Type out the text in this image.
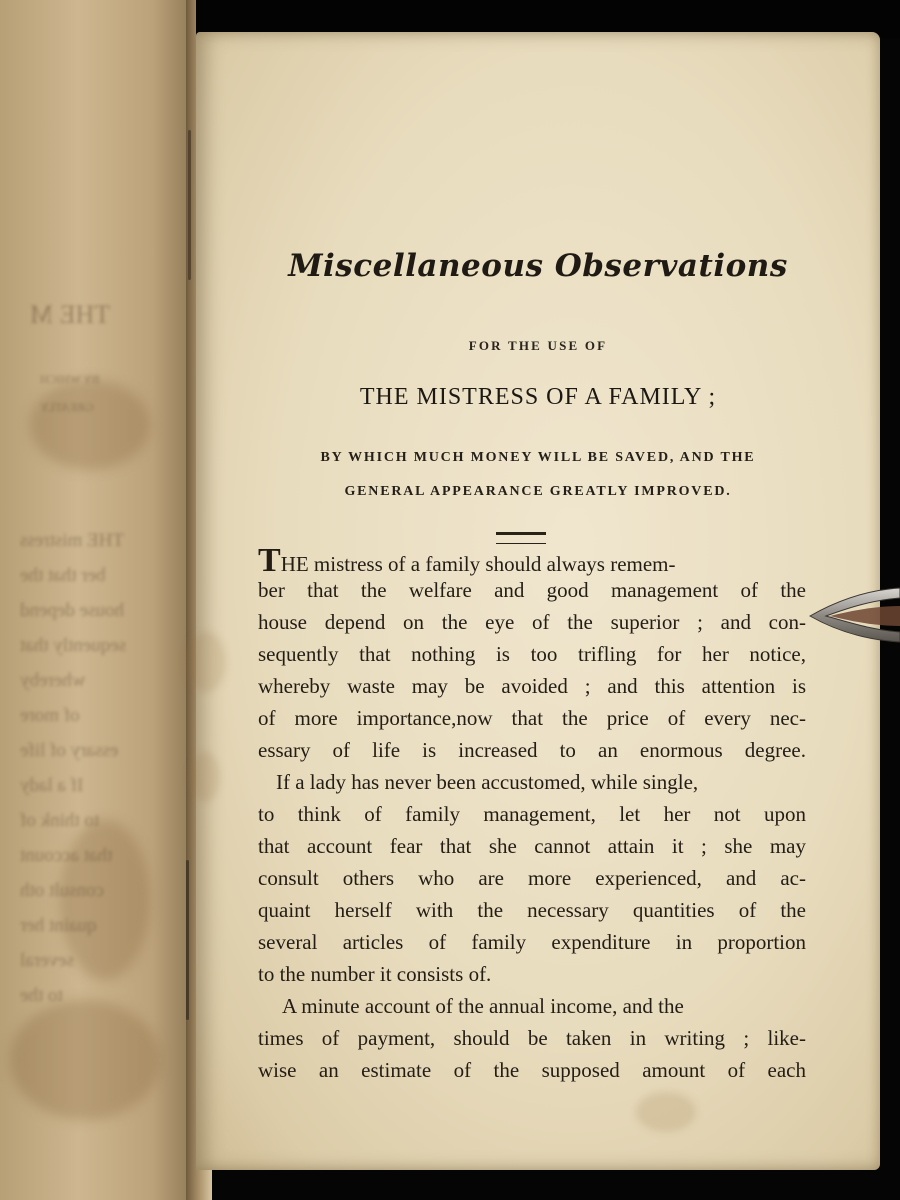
THE M
BY WHICH
GREATLY
THE mistress
ber that the
house depend
sequently that
whereby
of more
essary of life
If a lady
to think of
that account
consult oth
quaint her
several
to the
Miscellaneous Observations
FOR THE USE OF
THE MISTRESS OF A FAMILY ;
BY WHICH MUCH MONEY WILL BE SAVED, AND THE
GENERAL APPEARANCE GREATLY IMPROVED.
THE mistress of a family should always remem-
ber that the welfare and good management of the
house depend on the eye of the superior ; and con-
sequently that nothing is too trifling for her notice,
whereby waste may be avoided ; and this attention is
of more importance,now that the price of every nec-
essary of life is increased to an enormous degree.
If a lady has never been accustomed, while single,
to think of family management, let her not upon
that account fear that she cannot attain it ; she may
consult others who are more experienced, and ac-
quaint herself with the necessary quantities of the
several articles of family expenditure in proportion
to the number it consists of.
A minute account of the annual income, and the
times of payment, should be taken in writing ; like-
wise an estimate of the supposed amount of each
